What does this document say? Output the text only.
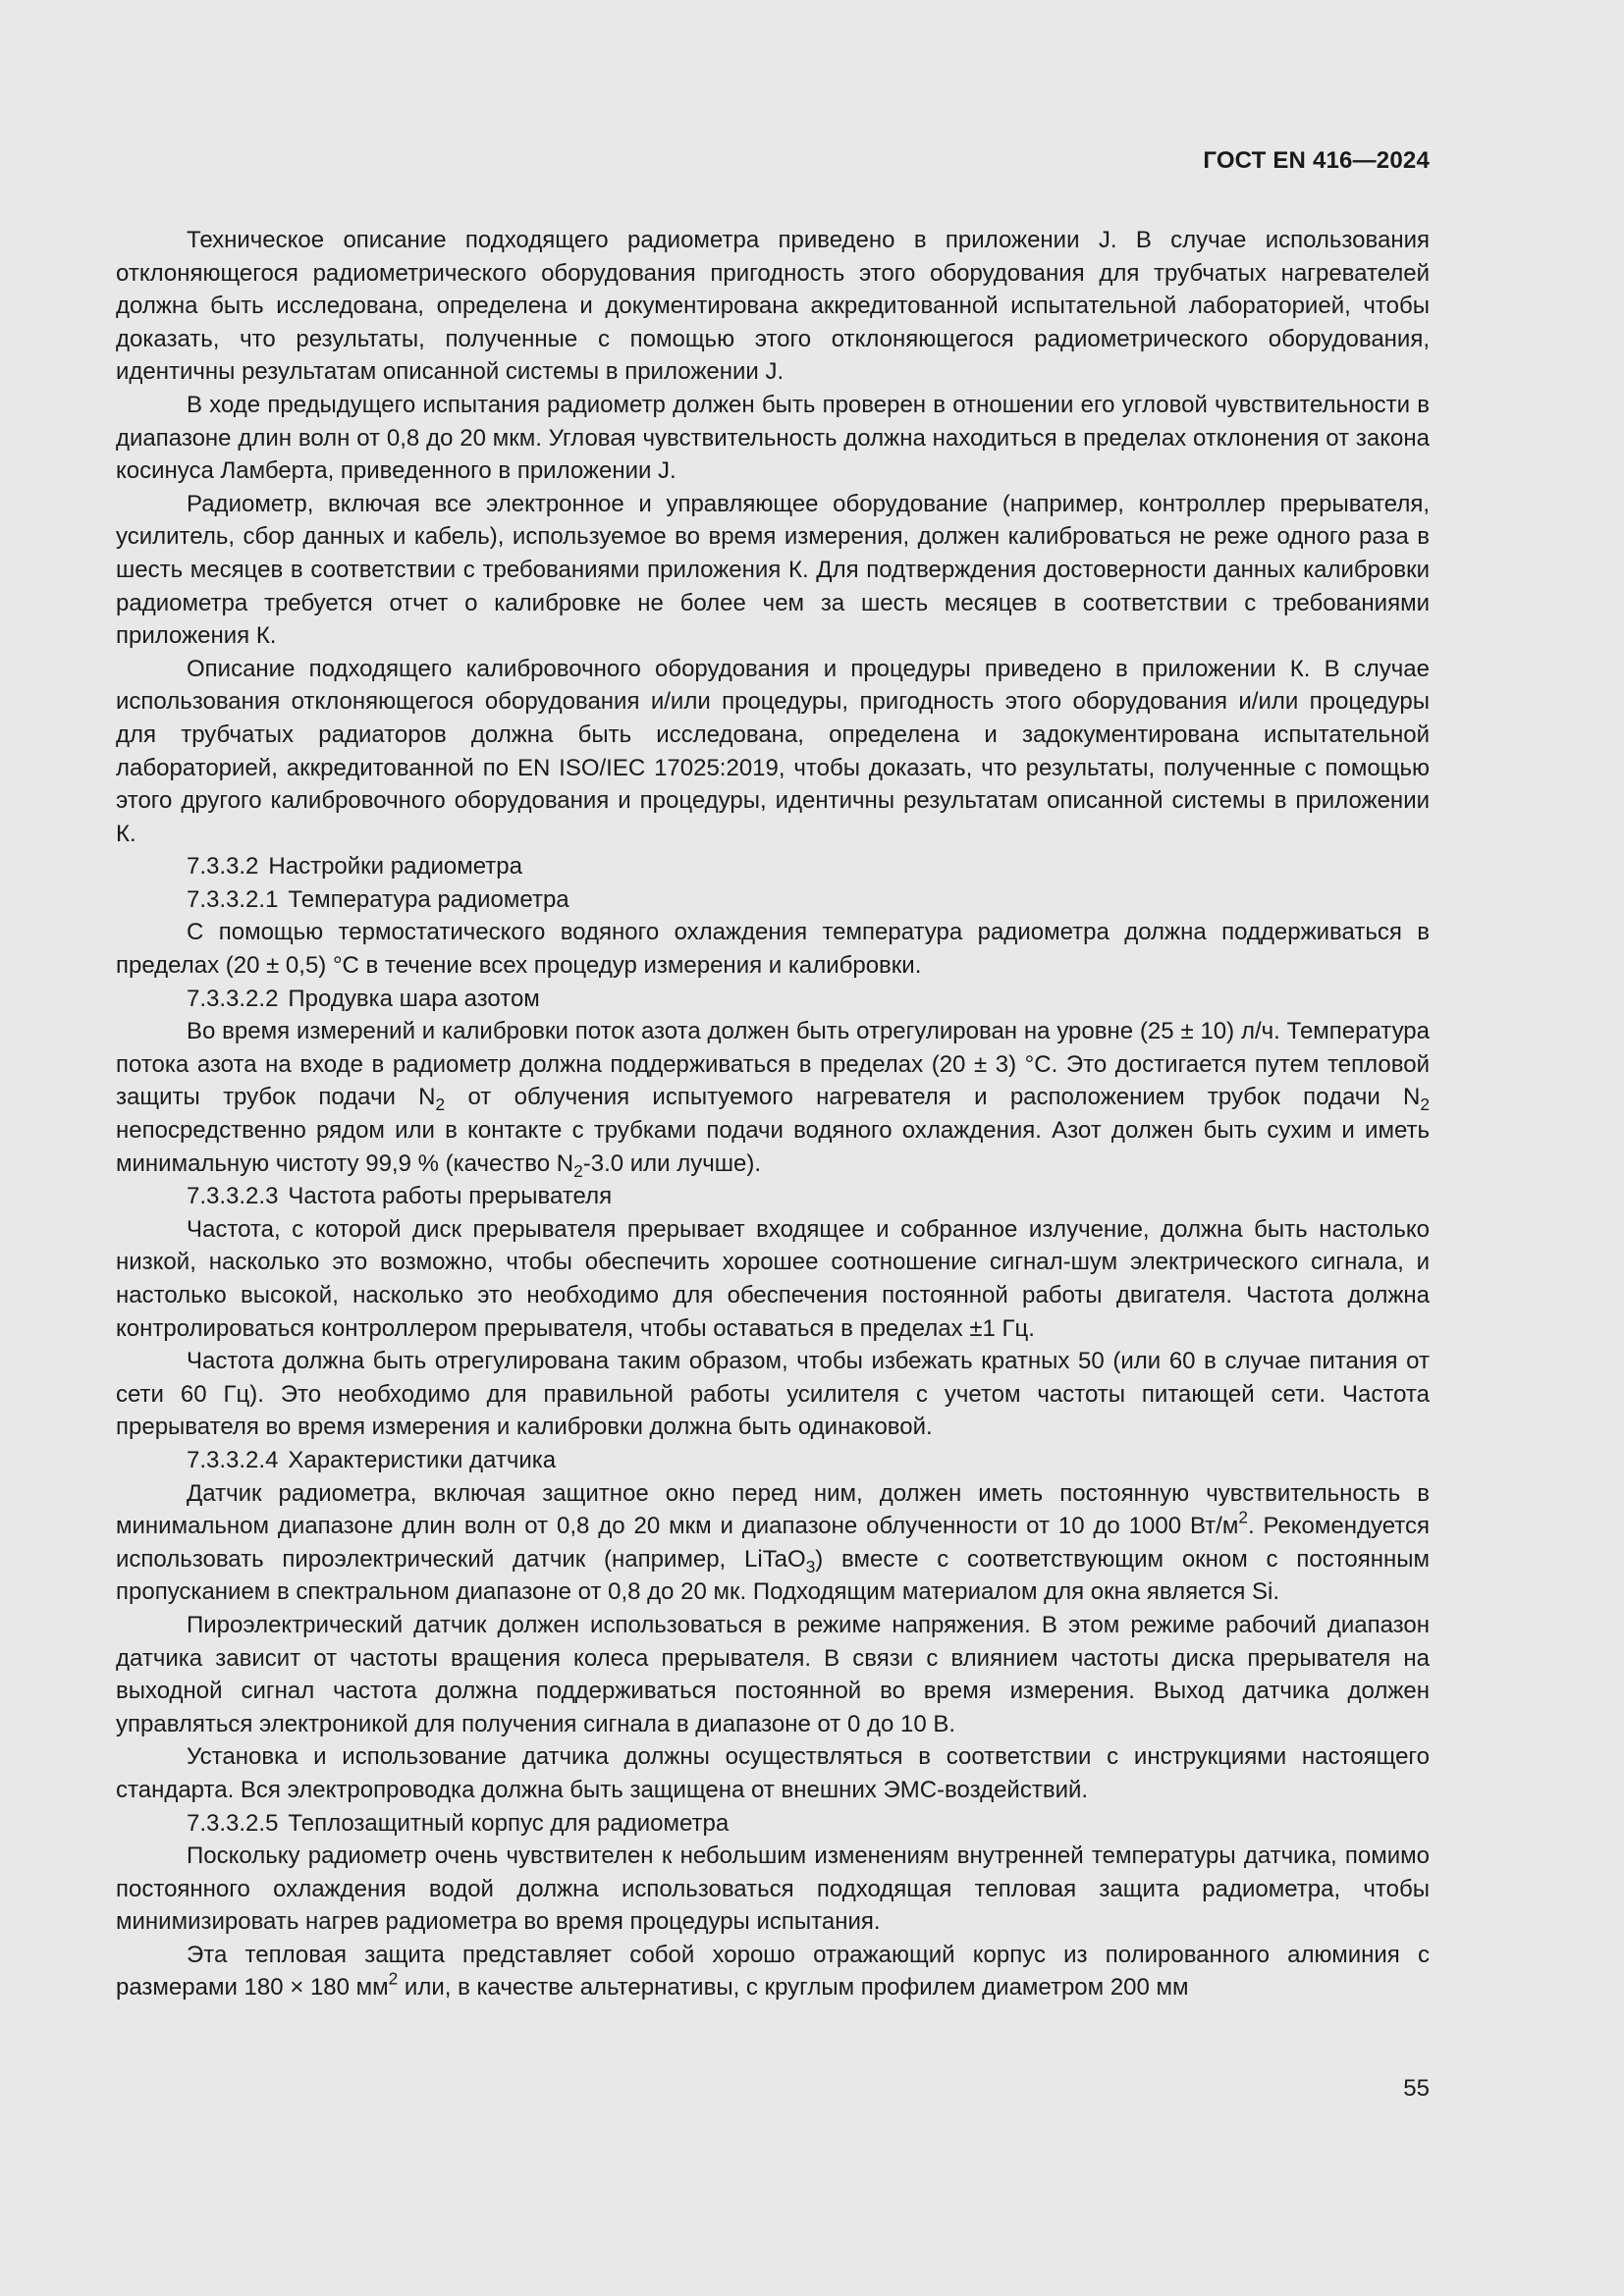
ГОСТ EN 416—2024

Техническое описание подходящего радиометра приведено в приложении J. В случае использования отклоняющегося радиометрического оборудования пригодность этого оборудования для трубчатых нагревателей должна быть исследована, определена и документирована аккредитованной испытательной лабораторией, чтобы доказать, что результаты, полученные с помощью этого отклоняющегося радиометрического оборудования, идентичны результатам описанной системы в приложении J.

В ходе предыдущего испытания радиометр должен быть проверен в отношении его угловой чувствительности в диапазоне длин волн от 0,8 до 20 мкм. Угловая чувствительность должна находиться в пределах отклонения от закона косинуса Ламберта, приведенного в приложении J.

Радиометр, включая все электронное и управляющее оборудование (например, контроллер прерывателя, усилитель, сбор данных и кабель), используемое во время измерения, должен калиброваться не реже одного раза в шесть месяцев в соответствии с требованиями приложения К. Для подтверждения достоверности данных калибровки радиометра требуется отчет о калибровке не более чем за шесть месяцев в соответствии с требованиями приложения К.

Описание подходящего калибровочного оборудования и процедуры приведено в приложении К. В случае использования отклоняющегося оборудования и/или процедуры, пригодность этого оборудования и/или процедуры для трубчатых радиаторов должна быть исследована, определена и задокументирована испытательной лабораторией, аккредитованной по EN ISO/IEC 17025:2019, чтобы доказать, что результаты, полученные с помощью этого другого калибровочного оборудования и процедуры, идентичны результатам описанной системы в приложении К.

7.3.3.2 Настройки радиометра

7.3.3.2.1 Температура радиометра

С помощью термостатического водяного охлаждения температура радиометра должна поддерживаться в пределах (20 ± 0,5) °C в течение всех процедур измерения и калибровки.

7.3.3.2.2 Продувка шара азотом

Во время измерений и калибровки поток азота должен быть отрегулирован на уровне (25 ± 10) л/ч. Температура потока азота на входе в радиометр должна поддерживаться в пределах (20 ± 3) °C. Это достигается путем тепловой защиты трубок подачи $N_2$ от облучения испытуемого нагревателя и расположением трубок подачи $N_2$ непосредственно рядом или в контакте с трубками подачи водяного охлаждения. Азот должен быть сухим и иметь минимальную чистоту 99,9 % (качество $N_2-3.0$ или лучше).

7.3.3.2.3 Частота работы прерывателя

Частота, с которой диск прерывателя прерывает входящее и собранное излучение, должна быть настолько низкой, насколько это возможно, чтобы обеспечить хорошее соотношение сигнал-шум электрического сигнала, и настолько высокой, насколько это необходимо для обеспечения постоянной работы двигателя. Частота должна контролироваться контроллером прерывателя, чтобы оставаться в пределах ±1 Гц.

Частота должна быть отрегулирована таким образом, чтобы избежать кратных 50 (или 60 в случае питания от сети 60 Гц). Это необходимо для правильной работы усилителя с учетом частоты питающей сети. Частота прерывателя во время измерения и калибровки должна быть одинаковой.

7.3.3.2.4 Характеристики датчика

Датчик радиометра, включая защитное окно перед ним, должен иметь постоянную чувствительность в минимальном диапазоне длин волн от 0,8 до 20 мкм и диапазоне облученности от 10 до 1000 $Вт/м^2$. Рекомендуется использовать пироэлектрический датчик (например, LiTaO$_3$) вместе с соответствующим окном с постоянным пропусканием в спектральном диапазоне от 0,8 до 20 мк. Подходящим материалом для окна является Si.

Пироэлектрический датчик должен использоваться в режиме напряжения. В этом режиме рабочий диапазон датчика зависит от частоты вращения колеса прерывателя. В связи с влиянием частоты диска прерывателя на выходной сигнал частота должна поддерживаться постоянной во время измерения. Выход датчика должен управляться электроникой для получения сигнала в диапазоне от 0 до 10 В.

Установка и использование датчика должны осуществляться в соответствии с инструкциями настоящего стандарта. Вся электропроводка должна быть защищена от внешних ЭМС-воздействий.

7.3.3.2.5 Теплозащитный корпус для радиометра

Поскольку радиометр очень чувствителен к небольшим изменениям внутренней температуры датчика, помимо постоянного охлаждения водой должна использоваться подходящая тепловая защита радиометра, чтобы минимизировать нагрев радиометра во время процедуры испытания.

Эта тепловая защита представляет собой хорошо отражающий корпус из полированного алюминия с размерами 180 × 180 $мм^2$ или, в качестве альтернативы, с круглым профилем диаметром 200 мм

55
